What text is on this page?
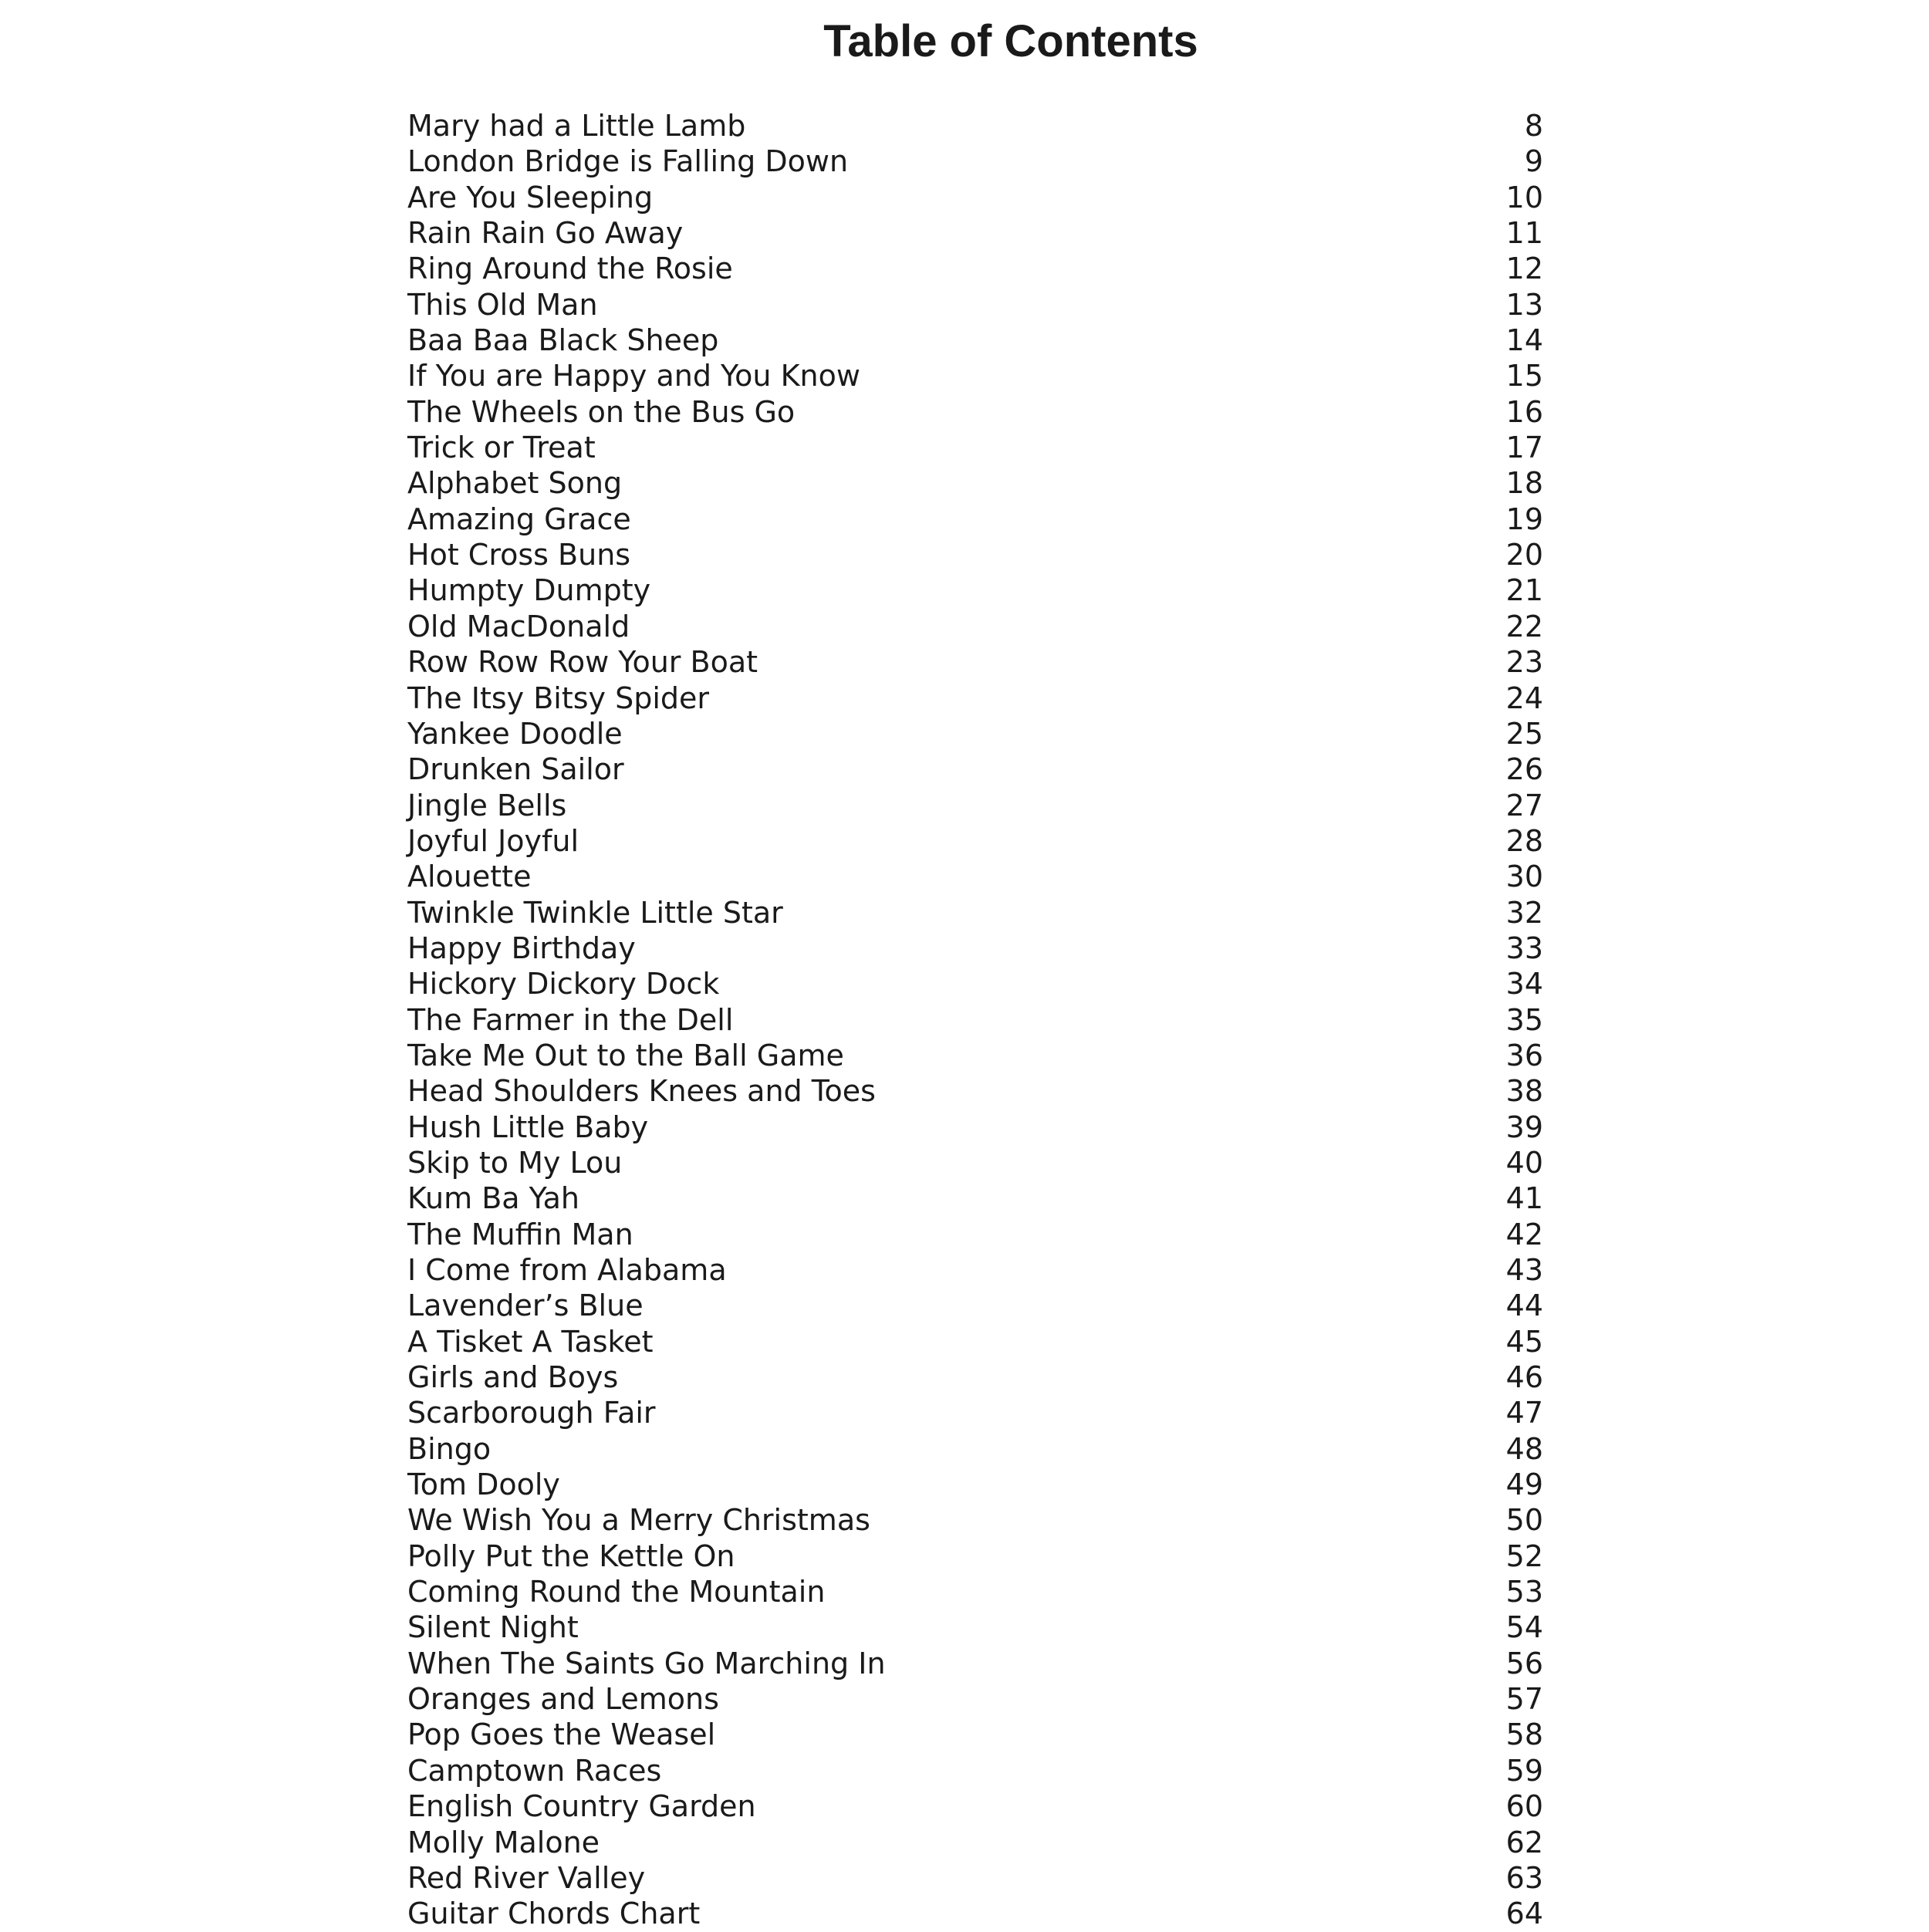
Table of Contents
Mary had a Little Lamb	8
London Bridge is Falling Down	9
Are You Sleeping	10
Rain Rain Go Away	11
Ring Around the Rosie	12
This Old Man	13
Baa Baa Black Sheep	14
If You are Happy and You Know	15
The Wheels on the Bus Go	16
Trick or Treat	17
Alphabet Song	18
Amazing Grace	19
Hot Cross Buns	20
Humpty Dumpty	21
Old MacDonald	22
Row Row Row Your Boat	23
The Itsy Bitsy Spider	24
Yankee Doodle	25
Drunken Sailor	26
Jingle Bells	27
Joyful Joyful	28
Alouette	30
Twinkle Twinkle Little Star	32
Happy Birthday	33
Hickory Dickory Dock	34
The Farmer in the Dell	35
Take Me Out to the Ball Game	36
Head Shoulders Knees and Toes	38
Hush Little Baby	39
Skip to My Lou	40
Kum Ba Yah	41
The Muffin Man	42
I Come from Alabama	43
Lavender’s Blue	44
A Tisket A Tasket	45
Girls and Boys	46
Scarborough Fair	47
Bingo	48
Tom Dooly	49
We Wish You a Merry Christmas	50
Polly Put the Kettle On	52
Coming Round the Mountain	53
Silent Night	54
When The Saints Go Marching In	56
Oranges and Lemons	57
Pop Goes the Weasel	58
Camptown Races	59
English Country Garden	60
Molly Malone	62
Red River Valley	63
Guitar Chords Chart	64
